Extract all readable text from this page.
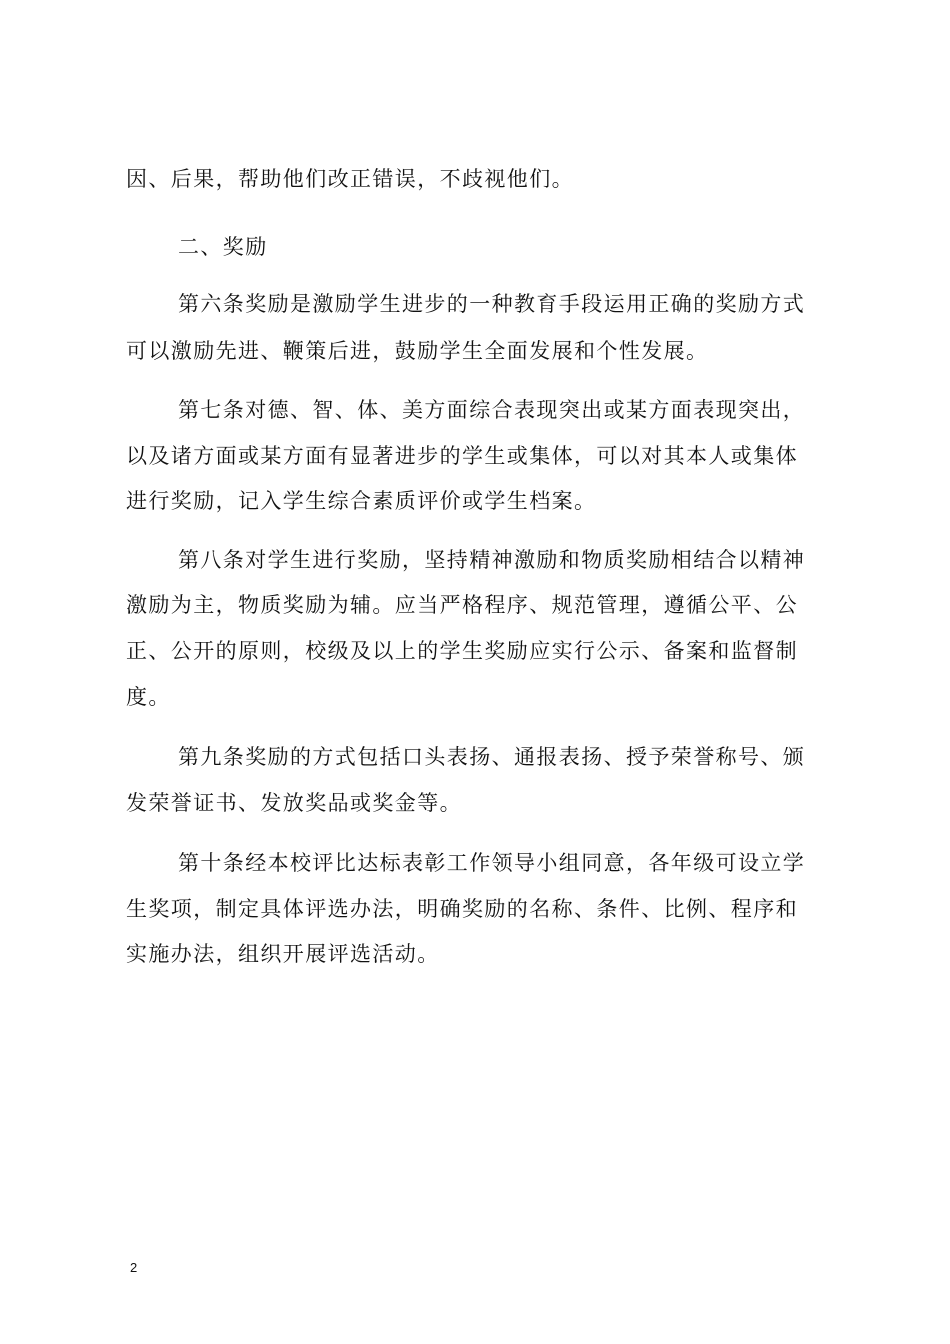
因、后果，帮助他们改正错误，不歧视他们。
二、奖励
第六条奖励是激励学生进步的一种教育手段运用正确的奖励方式
可以激励先进、鞭策后进，鼓励学生全面发展和个性发展。
第七条对德、智、体、美方面综合表现突出或某方面表现突出，
以及诸方面或某方面有显著进步的学生或集体，可以对其本人或集体
进行奖励，记入学生综合素质评价或学生档案。
第八条对学生进行奖励，坚持精神激励和物质奖励相结合以精神
激励为主，物质奖励为辅。应当严格程序、规范管理，遵循公平、公
正、公开的原则，校级及以上的学生奖励应实行公示、备案和监督制
度。
第九条奖励的方式包括口头表扬、通报表扬、授予荣誉称号、颁
发荣誉证书、发放奖品或奖金等。
第十条经本校评比达标表彰工作领导小组同意，各年级可设立学
生奖项，制定具体评选办法，明确奖励的名称、条件、比例、程序和
实施办法，组织开展评选活动。
2
